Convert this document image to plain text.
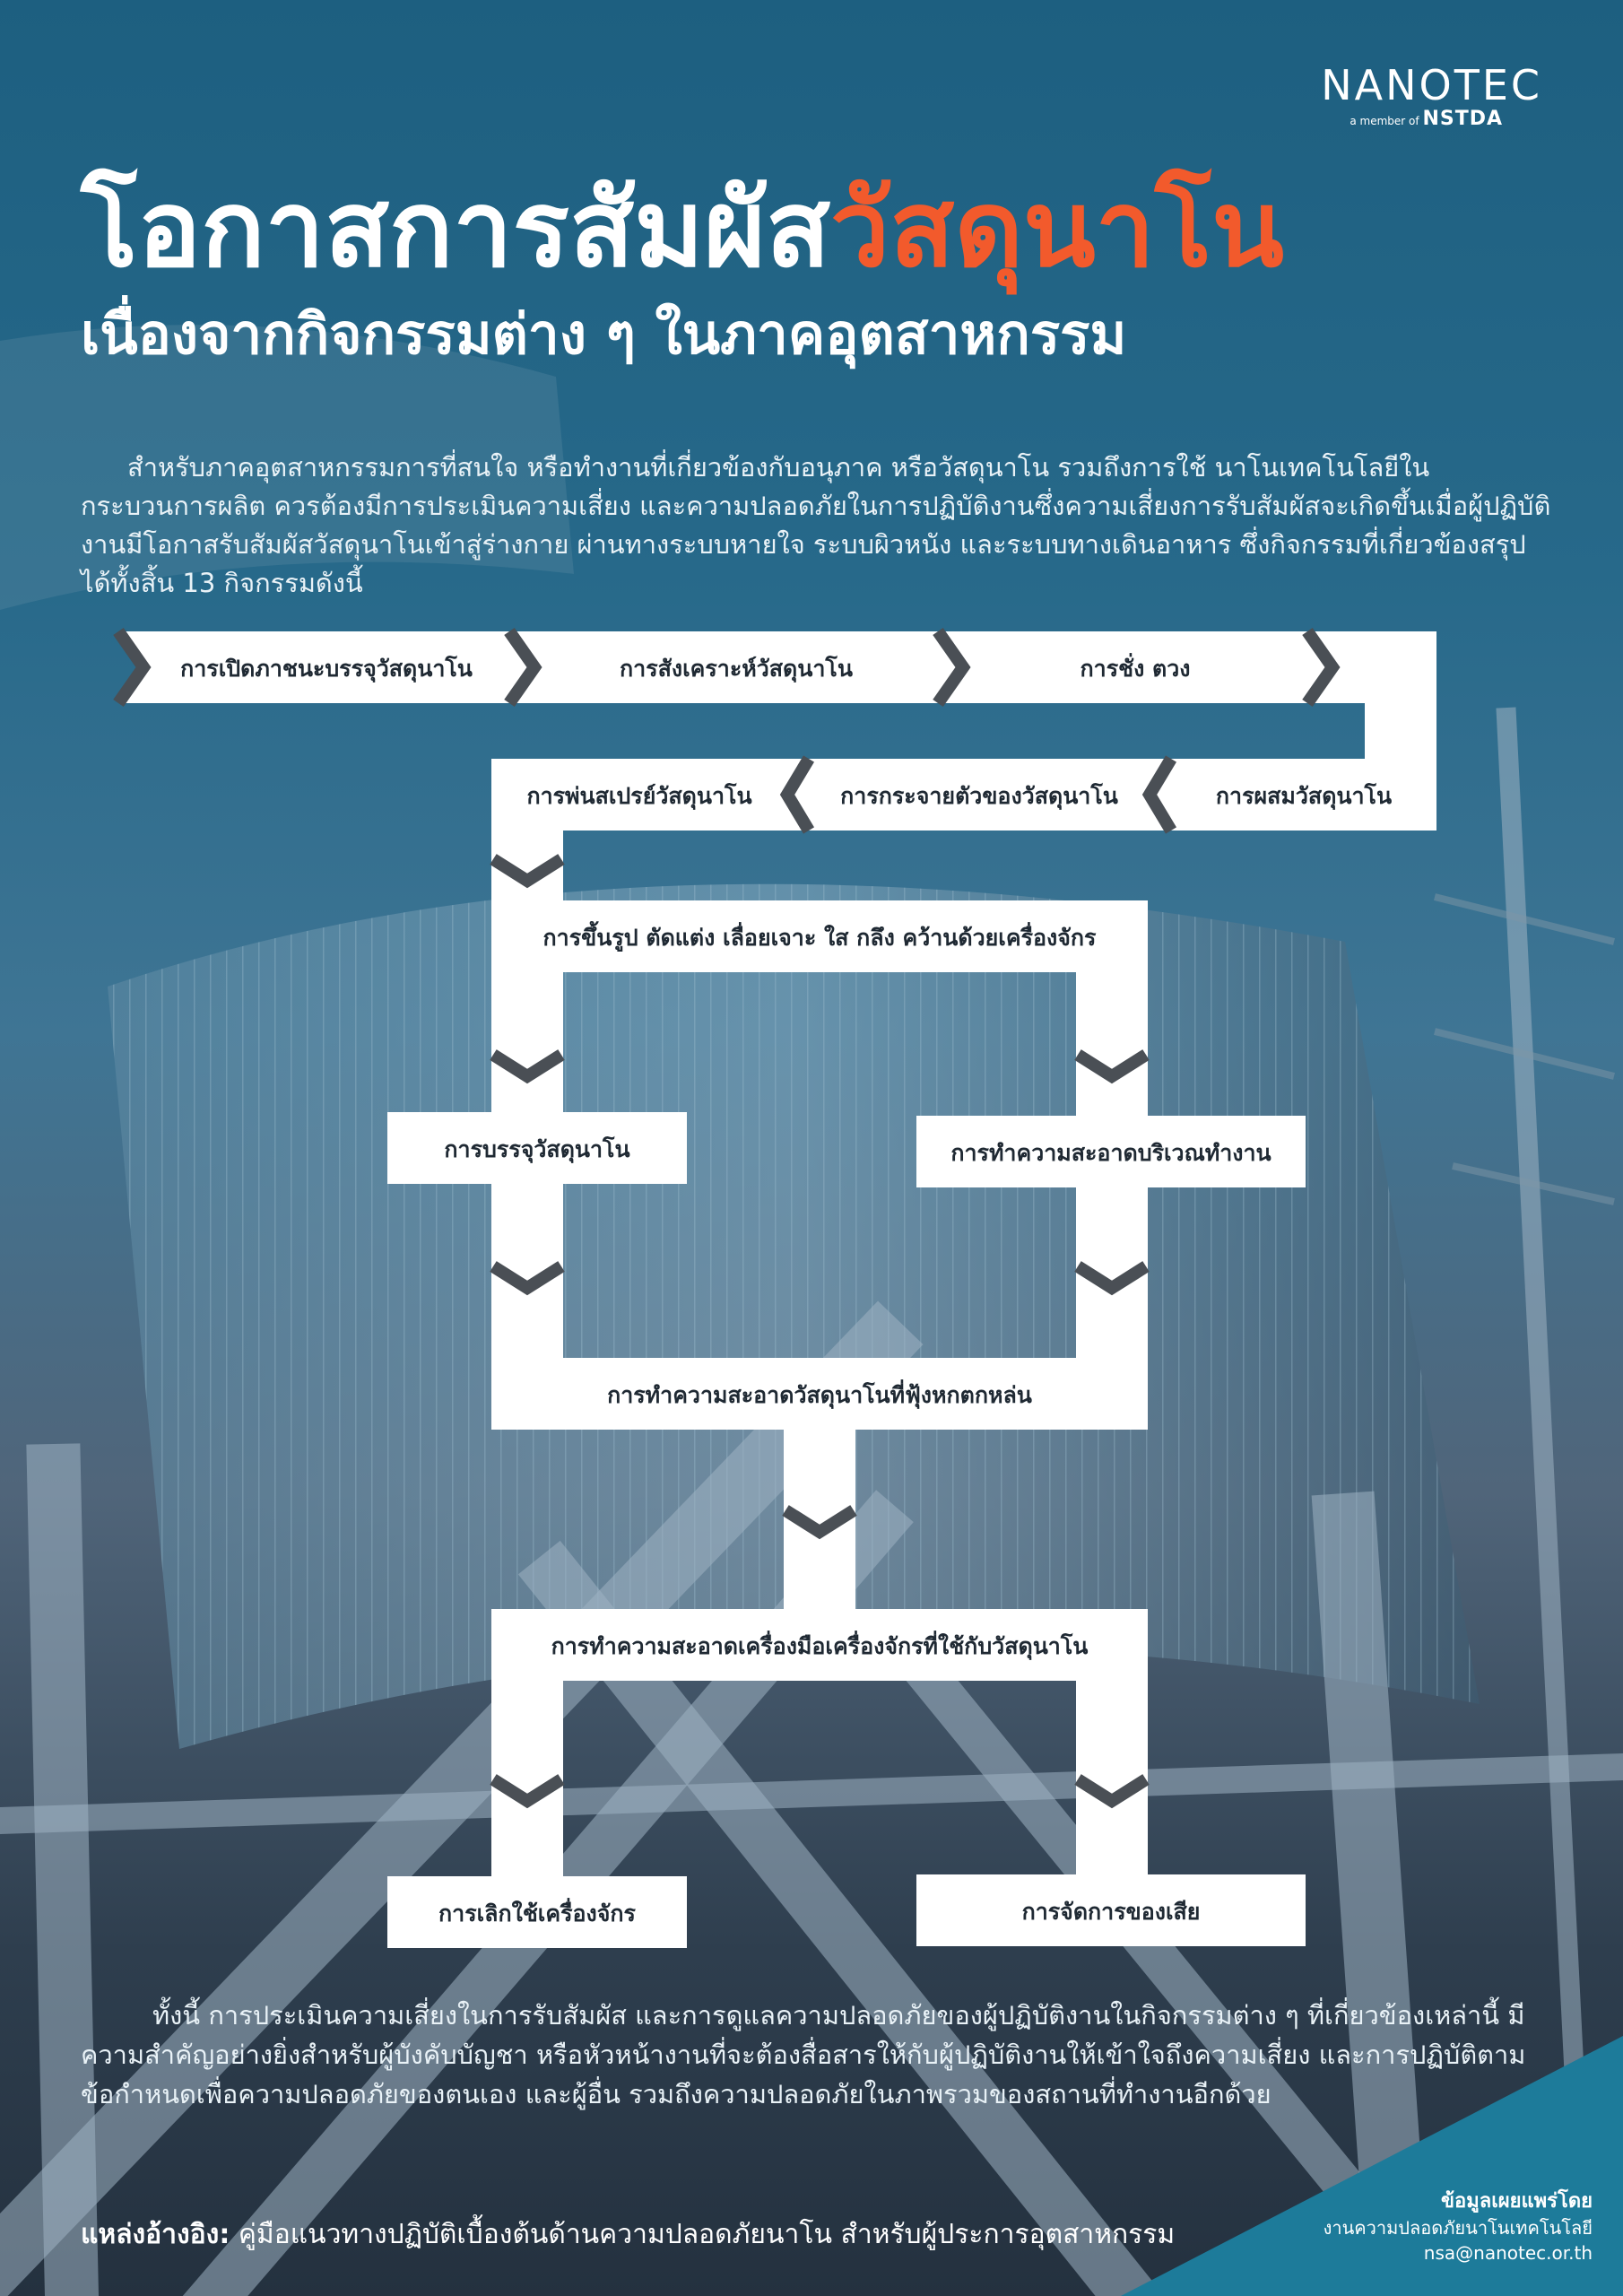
NANOTEC
a member of NSTDA
โอกาสการสัมผัสวัสดุนาโน
เนื่องจากกิจกรรมต่าง ๆ ในภาคอุตสาหกรรม
สำหรับภาคอุตสาหกรรมการที่สนใจ หรือทำงานที่เกี่ยวข้องกับอนุภาค หรือวัสดุนาโน รวมถึงการใช้ นาโนเทคโนโลยีในกระบวนการผลิต ควรต้องมีการประเมินความเสี่ยง และความปลอดภัยในการปฏิบัติงานซึ่งความเสี่ยงการรับสัมผัสจะเกิดขึ้นเมื่อผู้ปฏิบัติงานมีโอกาสรับสัมผัสวัสดุนาโนเข้าสู่ร่างกาย ผ่านทางระบบหายใจ ระบบผิวหนัง และระบบทางเดินอาหาร ซึ่งกิจกรรมที่เกี่ยวข้องสรุปได้ทั้งสิ้น 13 กิจกรรมดังนี้
การเปิดภาชนะบรรจุวัสดุนาโน	การสังเคราะห์วัสดุนาโน	การชั่ง ตวง
การผสมวัสดุนาโน
การกระจายตัวของวัสดุนาโน
การพ่นสเปรย์วัสดุนาโน
การขึ้นรูป ตัดแต่ง เลื่อยเจาะ ใส กลึง คว้านด้วยเครื่องจักร
การบรรจุวัสดุนาโน	การทำความสะอาดบริเวณทำงาน
การทำความสะอาดวัสดุนาโนที่ฟุ้งหกตกหล่น
การทำความสะอาดเครื่องมือเครื่องจักรที่ใช้กับวัสดุนาโน
การเลิกใช้เครื่องจักร	การจัดการของเสีย
ทั้งนี้ การประเมินความเสี่ยงในการรับสัมผัส และการดูแลความปลอดภัยของผู้ปฏิบัติงานในกิจกรรมต่าง ๆ ที่เกี่ยวข้องเหล่านี้ มีความสำคัญอย่างยิ่งสำหรับผู้บังคับบัญชา หรือหัวหน้างานที่จะต้องสื่อสารให้กับผู้ปฏิบัติงานให้เข้าใจถึงความเสี่ยง และการปฏิบัติตามข้อกำหนดเพื่อความปลอดภัยของตนเอง และผู้อื่น รวมถึงความปลอดภัยในภาพรวมของสถานที่ทำงานอีกด้วย
แหล่งอ้างอิง: คู่มือแนวทางปฏิบัติเบื้องต้นด้านความปลอดภัยนาโน สำหรับผู้ประการอุตสาหกรรม
ข้อมูลเผยแพร่โดย
งานความปลอดภัยนาโนเทคโนโลยี
nsa@nanotec.or.th
